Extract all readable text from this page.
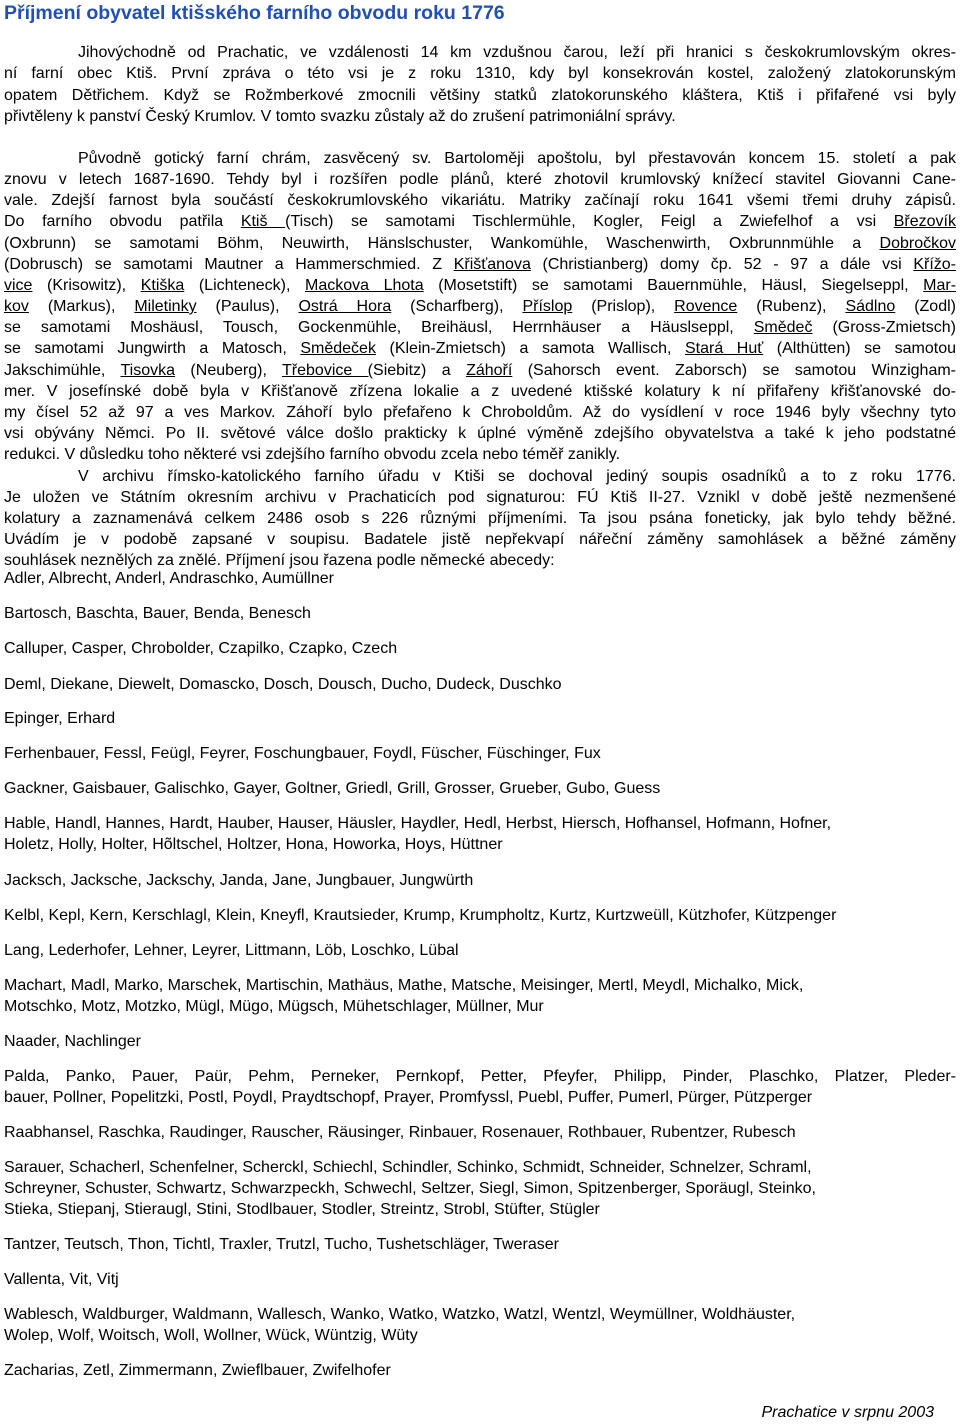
Příjmení obyvatel ktišského farního obvodu roku 1776

Jihovýchodně od Prachatic, ve vzdálenosti 14 km vzdušnou čarou, leží při hranici s českokrumlovským okres-

ní farní obec Ktiš. První zpráva o této vsi je z roku 1310, kdy byl konsekrován kostel, založený zlatokorunským

opatem Dětřichem. Když se Rožmberkové zmocnili většiny statků zlatokorunského kláštera, Ktiš i přifařené vsi byly

přivtěleny k panství Český Krumlov. V tomto svazku zůstaly až do zrušení patrimoniální správy.

Původně gotický farní chrám, zasvěcený sv. Bartoloměji apoštolu, byl přestavován koncem 15. století a pak

znovu v letech 1687-1690. Tehdy byl i rozšířen podle plánů, které zhotovil krumlovský knížecí stavitel Giovanni Cane-

vale. Zdejší farnost byla součástí českokrumlovského vikariátu. Matriky začínají roku 1641 všemi třemi druhy zápisů.

Do farního obvodu patřila Ktiš (Tisch) se samotami Tischlermühle, Kogler, Feigl a Zwiefelhof a vsi Březovík

(Oxbrunn) se samotami Böhm, Neuwirth, Hänslschuster, Wankomühle, Waschenwirth, Oxbrunnmühle a Dobročkov

(Dobrusch) se samotami Mautner a Hammerschmied. Z Křišťanova (Christianberg) domy čp. 52 - 97 a dále vsi Křížo-

vice (Krisowitz), Ktiška (Lichteneck), Mackova Lhota (Mosetstift) se samotami Bauernmühle, Häusl, Siegelseppl, Mar-

kov (Markus), Miletinky (Paulus), Ostrá Hora (Scharfberg), Příslop (Prislop), Rovence (Rubenz), Sádlno (Zodl)

se samotami Moshäusl, Tousch, Gockenmühle, Breihäusl, Herrnhäuser a Häuslseppl, Smědeč (Gross-Zmietsch)

se samotami Jungwirth a Matosch, Smědeček (Klein-Zmietsch) a samota Wallisch, Stará Huť (Althütten) se samotou

Jakschimühle, Tisovka (Neuberg), Třebovice (Siebitz) a Záhoří (Sahorsch event. Zaborsch) se samotou Winzigham-

mer. V josefínské době byla v Křišťanově zřízena lokalie a z uvedené ktišské kolatury k ní přifařeny křišťanovské do-

my čísel 52 až 97 a ves Markov. Záhoří bylo přefařeno k Chroboldům. Až do vysídlení v roce 1946 byly všechny tyto

vsi obývány Němci. Po II. světové válce došlo prakticky k úplné výměně zdejšího obyvatelstva a také k jeho podstatné

redukci. V důsledku toho některé vsi zdejšího farního obvodu zcela nebo téměř zanikly.

V archivu římsko-katolického farního úřadu v Ktiši se dochoval jediný soupis osadníků a to z roku 1776.

Je uložen ve Státním okresním archivu v Prachaticích pod signaturou: FÚ Ktiš II-27. Vznikl v době ještě nezmenšené

kolatury a zaznamenává celkem 2486 osob s 226 různými příjmeními. Ta jsou psána foneticky, jak bylo tehdy běžné.

Uvádím je v podobě zapsané v soupisu. Badatele jistě nepřekvapí nářeční záměny samohlásek a běžné záměny

souhlásek neznělých za znělé. Příjmení jsou řazena podle německé abecedy:

Adler, Albrecht, Anderl, Andraschko, Aumüllner

Bartosch, Baschta, Bauer, Benda, Benesch

Calluper, Casper, Chrobolder, Czapilko, Czapko, Czech

Deml, Diekane, Diewelt, Domascko, Dosch, Dousch, Ducho, Dudeck, Duschko

Epinger, Erhard

Ferhenbauer, Fessl, Feügl, Feyrer, Foschungbauer, Foydl, Füscher, Füschinger, Fux

Gackner, Gaisbauer, Galischko, Gayer, Goltner, Griedl, Grill, Grosser, Grueber, Gubo, Guess

Hable, Handl, Hannes, Hardt, Hauber, Hauser, Häusler, Haydler, Hedl, Herbst, Hiersch, Hofhansel, Hofmann, Hofner,

Holetz, Holly, Holter, Hõltschel, Holtzer, Hona, Howorka, Hoys, Hüttner

Jacksch, Jacksche, Jackschy, Janda, Jane, Jungbauer, Jungwürth

Kelbl, Kepl, Kern, Kerschlagl, Klein, Kneyfl, Krautsieder, Krump, Krumpholtz, Kurtz, Kurtzweüll, Kützhofer, Kützpenger

Lang, Lederhofer, Lehner, Leyrer, Littmann, Löb, Loschko, Lübal

Machart, Madl, Marko, Marschek, Martischin, Mathäus, Mathe, Matsche, Meisinger, Mertl, Meydl, Michalko, Mick,

Motschko, Motz, Motzko, Mügl, Mügo, Mügsch, Mühetschlager, Müllner, Mur

Naader, Nachlinger

Palda, Panko, Pauer, Paür, Pehm, Perneker, Pernkopf, Petter, Pfeyfer, Philipp, Pinder, Plaschko, Platzer, Pleder-

bauer, Pollner, Popelitzki, Postl, Poydl, Praydtschopf, Prayer, Promfyssl, Puebl, Puffer, Pumerl, Pürger, Pützperger

Raabhansel, Raschka, Raudinger, Rauscher, Räusinger, Rinbauer, Rosenauer, Rothbauer, Rubentzer, Rubesch

Sarauer, Schacherl, Schenfelner, Scherckl, Schiechl, Schindler, Schinko, Schmidt, Schneider, Schnelzer, Schraml,

Schreyner, Schuster, Schwartz, Schwarzpeckh, Schwechl, Seltzer, Siegl, Simon, Spitzenberger, Sporäugl, Steinko,

Stieka, Stiepanj, Stieraugl, Stini, Stodlbauer, Stodler, Streintz, Strobl, Stüfter, Stügler

Tantzer, Teutsch, Thon, Tichtl, Traxler, Trutzl, Tucho, Tushetschläger, Tweraser

Vallenta, Vit, Vitj

Wablesch, Waldburger, Waldmann, Wallesch, Wanko, Watko, Watzko, Watzl, Wentzl, Weymüllner, Woldhäuster,

Wolep, Wolf, Woitsch, Woll, Wollner, Wück, Wüntzig, Wüty

Zacharias, Zetl, Zimmermann, Zwieflbauer, Zwifelhofer

Prachatice v srpnu 2003
